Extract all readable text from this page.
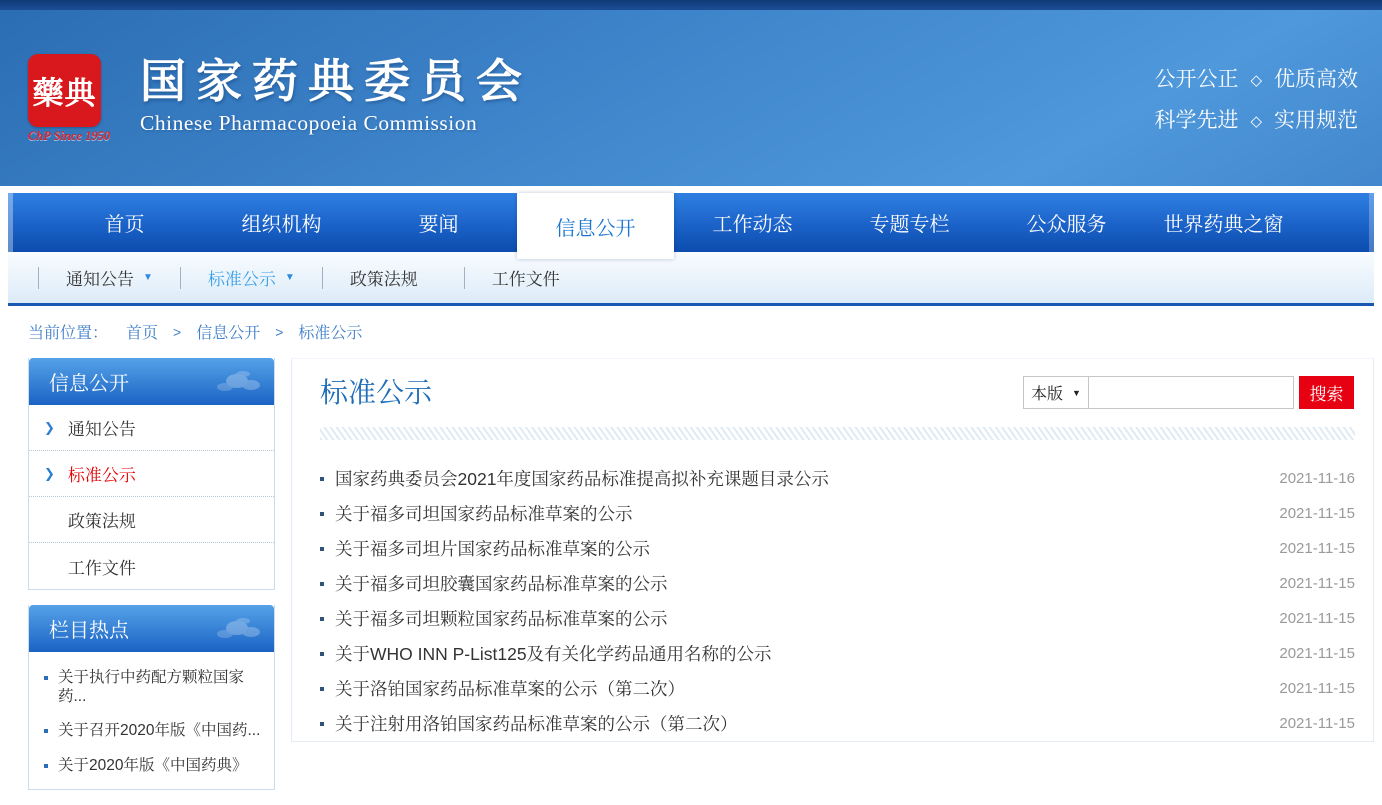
藥典
ChP Since 1950
国家药典委员会
Chinese Pharmacopoeia Commission
公开公正 ◇ 优质高效
科学先进 ◇ 实用规范
首页	组织机构	要闻	信息公开	工作动态	专题专栏	公众服务	世界药典之窗
通知公告 ▼	标准公示 ▼	政策法规	工作文件
当前位置： 首页 > 信息公开 > 标准公示
信息公开
❯ 通知公告
❯ 标准公示
政策法规
工作文件
栏目热点
关于执行中药配方颗粒国家药...
关于召开2020年版《中国药...
关于2020年版《中国药典》
标准公示	本版 ▼	搜索
国家药典委员会2021年度国家药品标准提高拟补充课题目录公示	2021-11-16
关于福多司坦国家药品标准草案的公示	2021-11-15
关于福多司坦片国家药品标准草案的公示	2021-11-15
关于福多司坦胶囊国家药品标准草案的公示	2021-11-15
关于福多司坦颗粒国家药品标准草案的公示	2021-11-15
关于WHO INN P-List125及有关化学药品通用名称的公示	2021-11-15
关于洛铂国家药品标准草案的公示（第二次）	2021-11-15
关于注射用洛铂国家药品标准草案的公示（第二次）	2021-11-15
